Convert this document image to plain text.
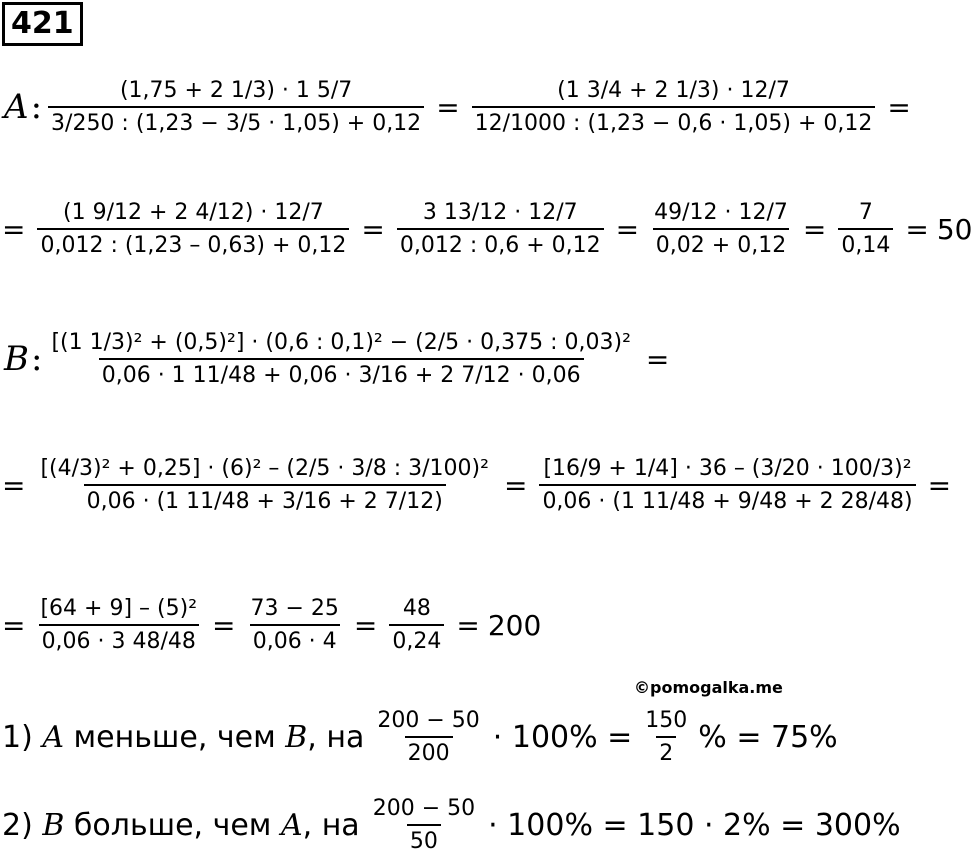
421
A : $\frac{(1,75 + 2 1/3) \cdot 1 5/7}{3/250 : (1,23 - 3/5 \cdot 1,05) + 0,12} = \frac{(1 3/4 + 2 1/3) \cdot 12/7}{12/1000 : (1,23 - 0,6 \cdot 1,05) + 0,12}$ =
= $\frac{(1 9/12 + 2 4/12) \cdot 12/7}{0,012 : (1,23 - 0,63) + 0,12} = \frac{3 13/12 \cdot 12/7}{0,012 : 0,6 + 0,12} = \frac{49/12 \cdot 12/7}{0,02 + 0,12} = \frac{7}{0,14} = 50$
B : $\frac{\text{[(1 1/3)² + (0,5)²] · (0,6 : 0,1)² − (2/5 · 0,375 : 0,03)²}}{0,06 \cdot 1 11/48 + 0,06 \cdot 3/16 + 2 7/12 \cdot 0,06}$ =
= $\frac{\text{[(4/3)² + 0,25] · (6)² – (2/5 · 3/8 : 3/100)²}}{0,06 \cdot (1 11/48 + 3/16 + 2 7/12)} = \frac{\text{[16/9 + 1/4] · 36 – (3/20 · 100/3)²}}{0,06 \cdot (1 11/48 + 9/48 + 2 28/48)}$ =
= $\frac{\text{[64 + 9] – (5)²}}{0,06 \cdot 3 48/48} = \frac{73 - 25}{0,06 \cdot 4} = \frac{48}{0,24} = 200$
©pomogalka.me
1) A меньше, чем B , на $\frac{200 - 50}{200} \cdot 100\% = \frac{150}{2}$ % = 75%
2) B больше, чем A , на $\frac{200 - 50}{50} \cdot 100\% = 150 \cdot 2\% = 300\%$
